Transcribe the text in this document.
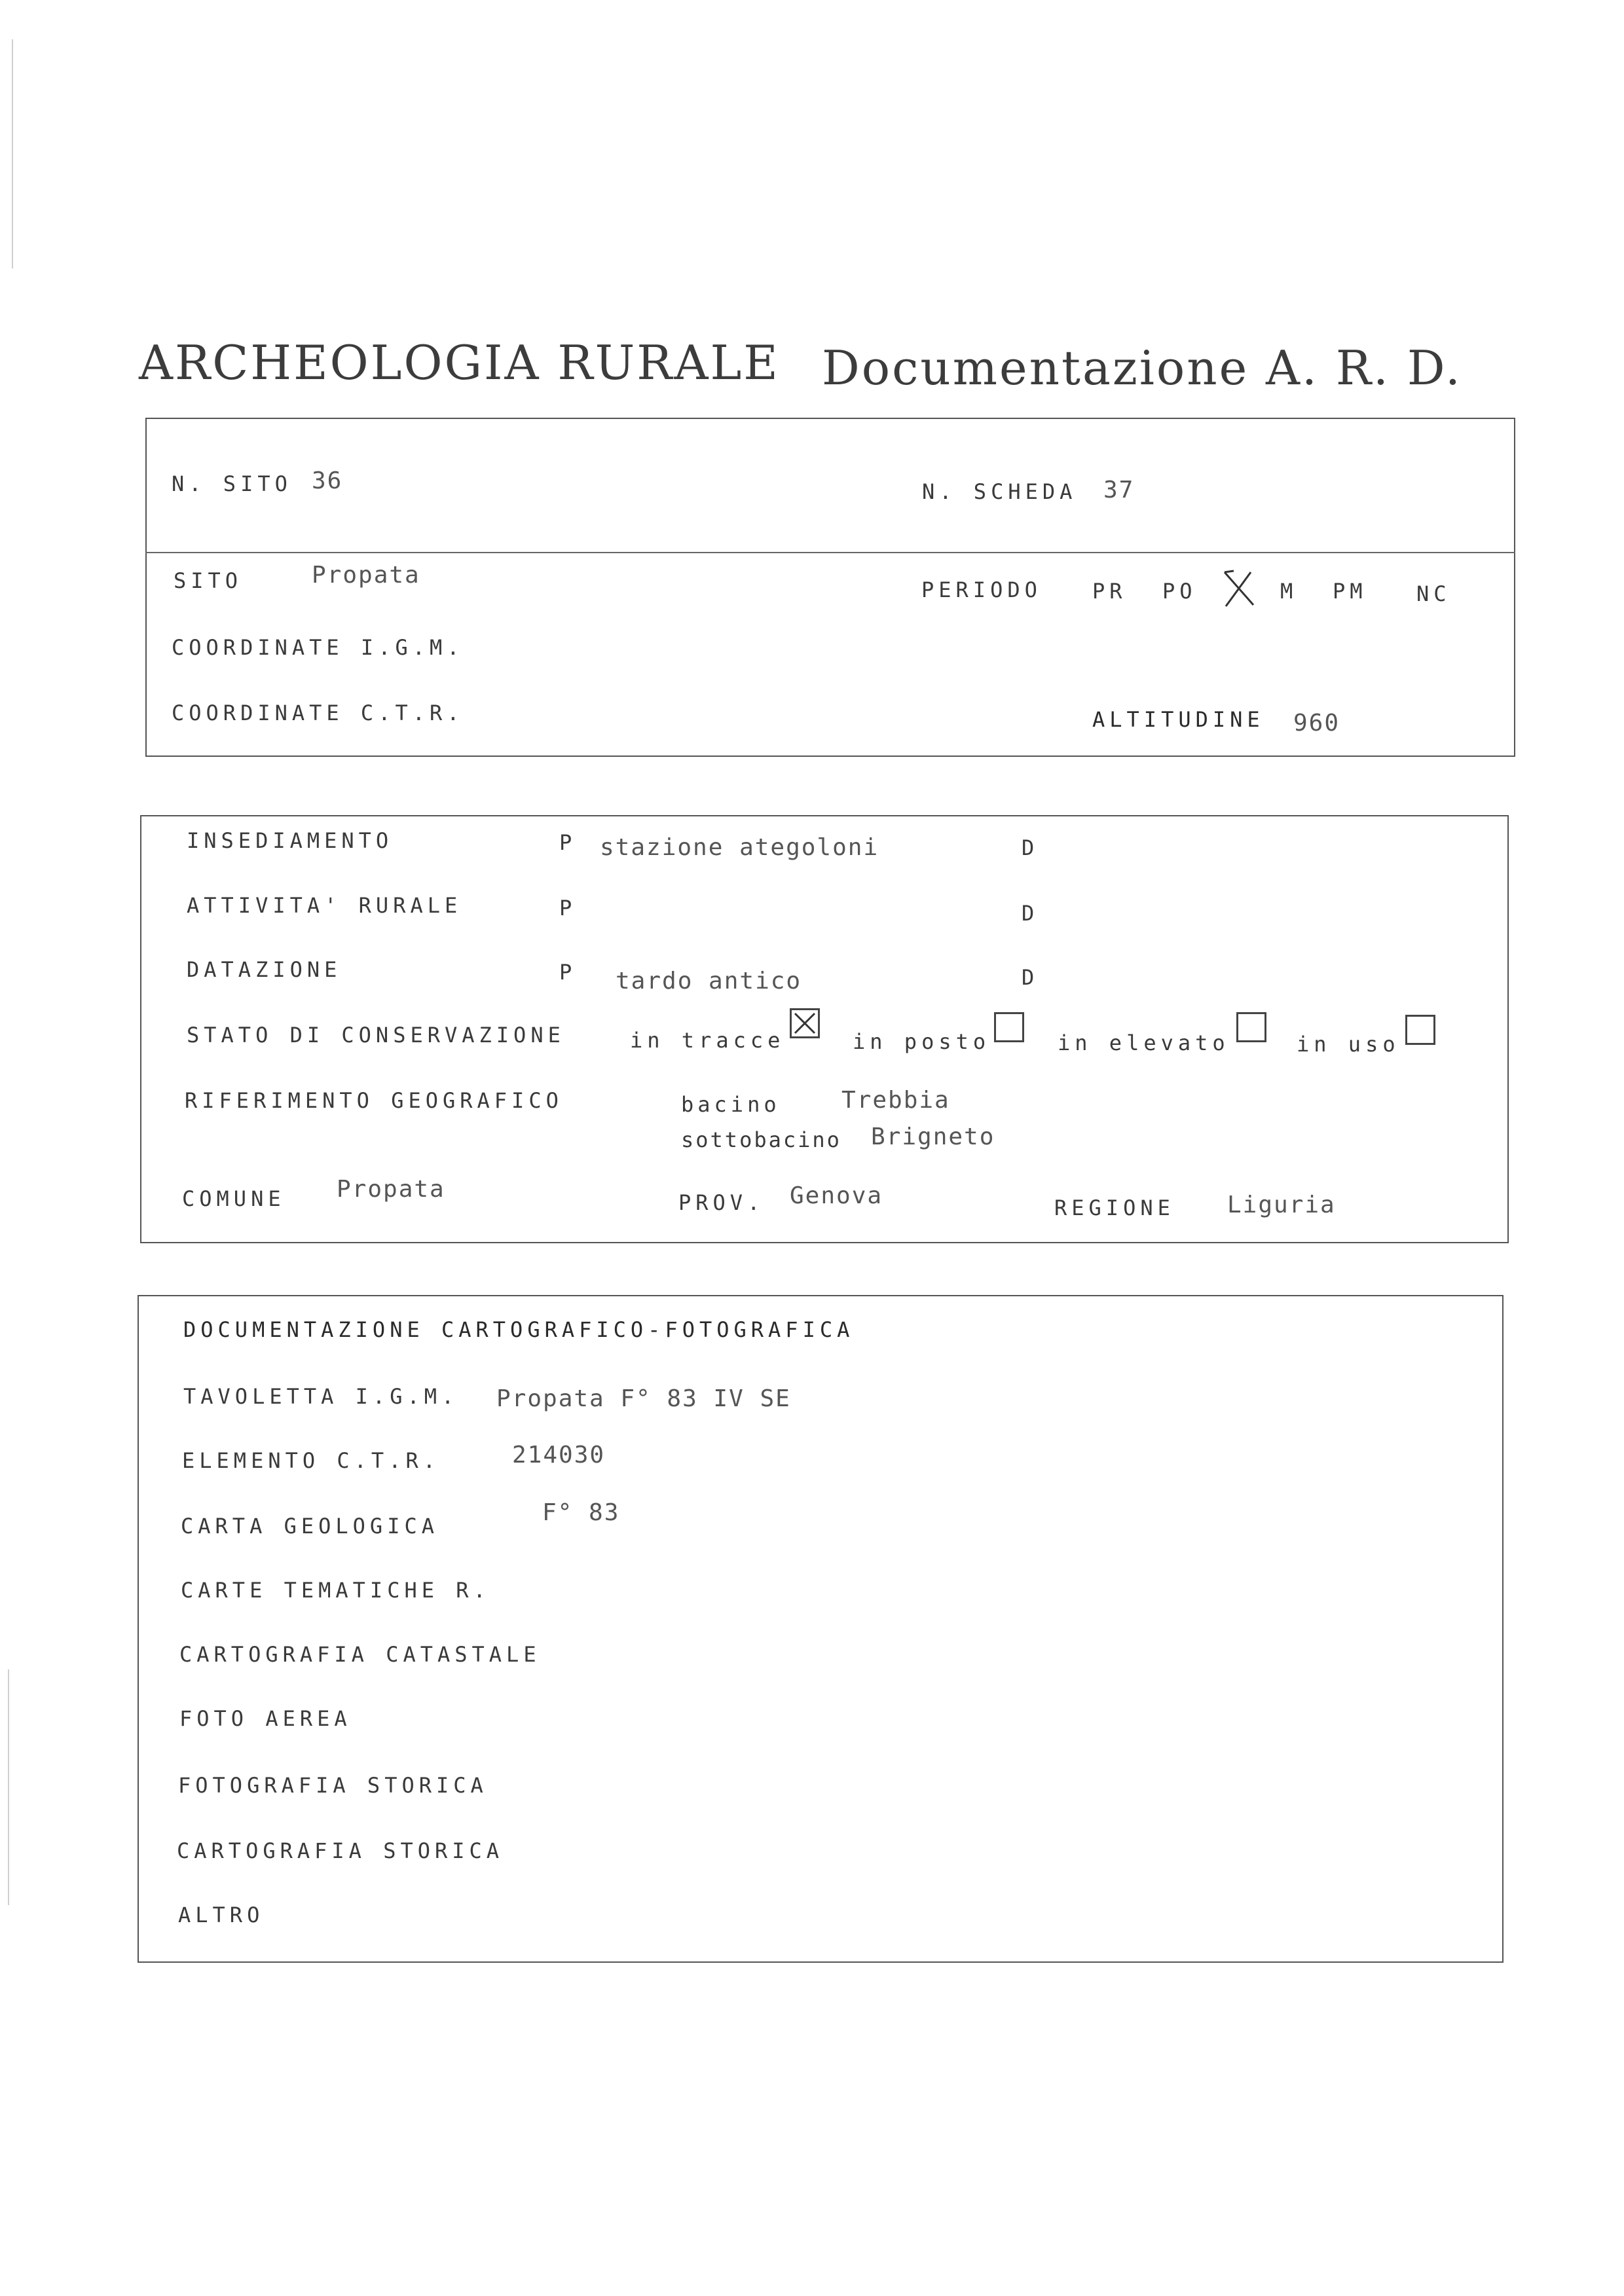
ARCHEOLOGIA RURALE Documentazione A. R. D.
N. SITO 36	N. SCHEDA 37
SITO	Propata
PERIODO PR PO	M PM NC
COORDINATE I.G.M.
COORDINATE C.T.R.	ALTITUDINE 960
INSEDIAMENTO	P stazione ategoloni	D
ATTIVITA' RURALE	P	D
DATAZIONE	P tardo antico	D
STATO DI CONSERVAZIONE	in tracce	in posto	in elevato	in uso
RIFERIMENTO GEOGRAFICO	bacino	Trebbia
sottobacino Brigneto
COMUNE Propata	PROV. Genova	REGIONE Liguria
DOCUMENTAZIONE CARTOGRAFICO-FOTOGRAFICA
TAVOLETTA I.G.M. Propata F° 83 IV SE
ELEMENTO C.T.R.	214030
CARTA GEOLOGICA	F° 83
CARTE TEMATICHE R.
CARTOGRAFIA CATASTALE
FOTO AEREA
FOTOGRAFIA STORICA
CARTOGRAFIA STORICA
ALTRO
